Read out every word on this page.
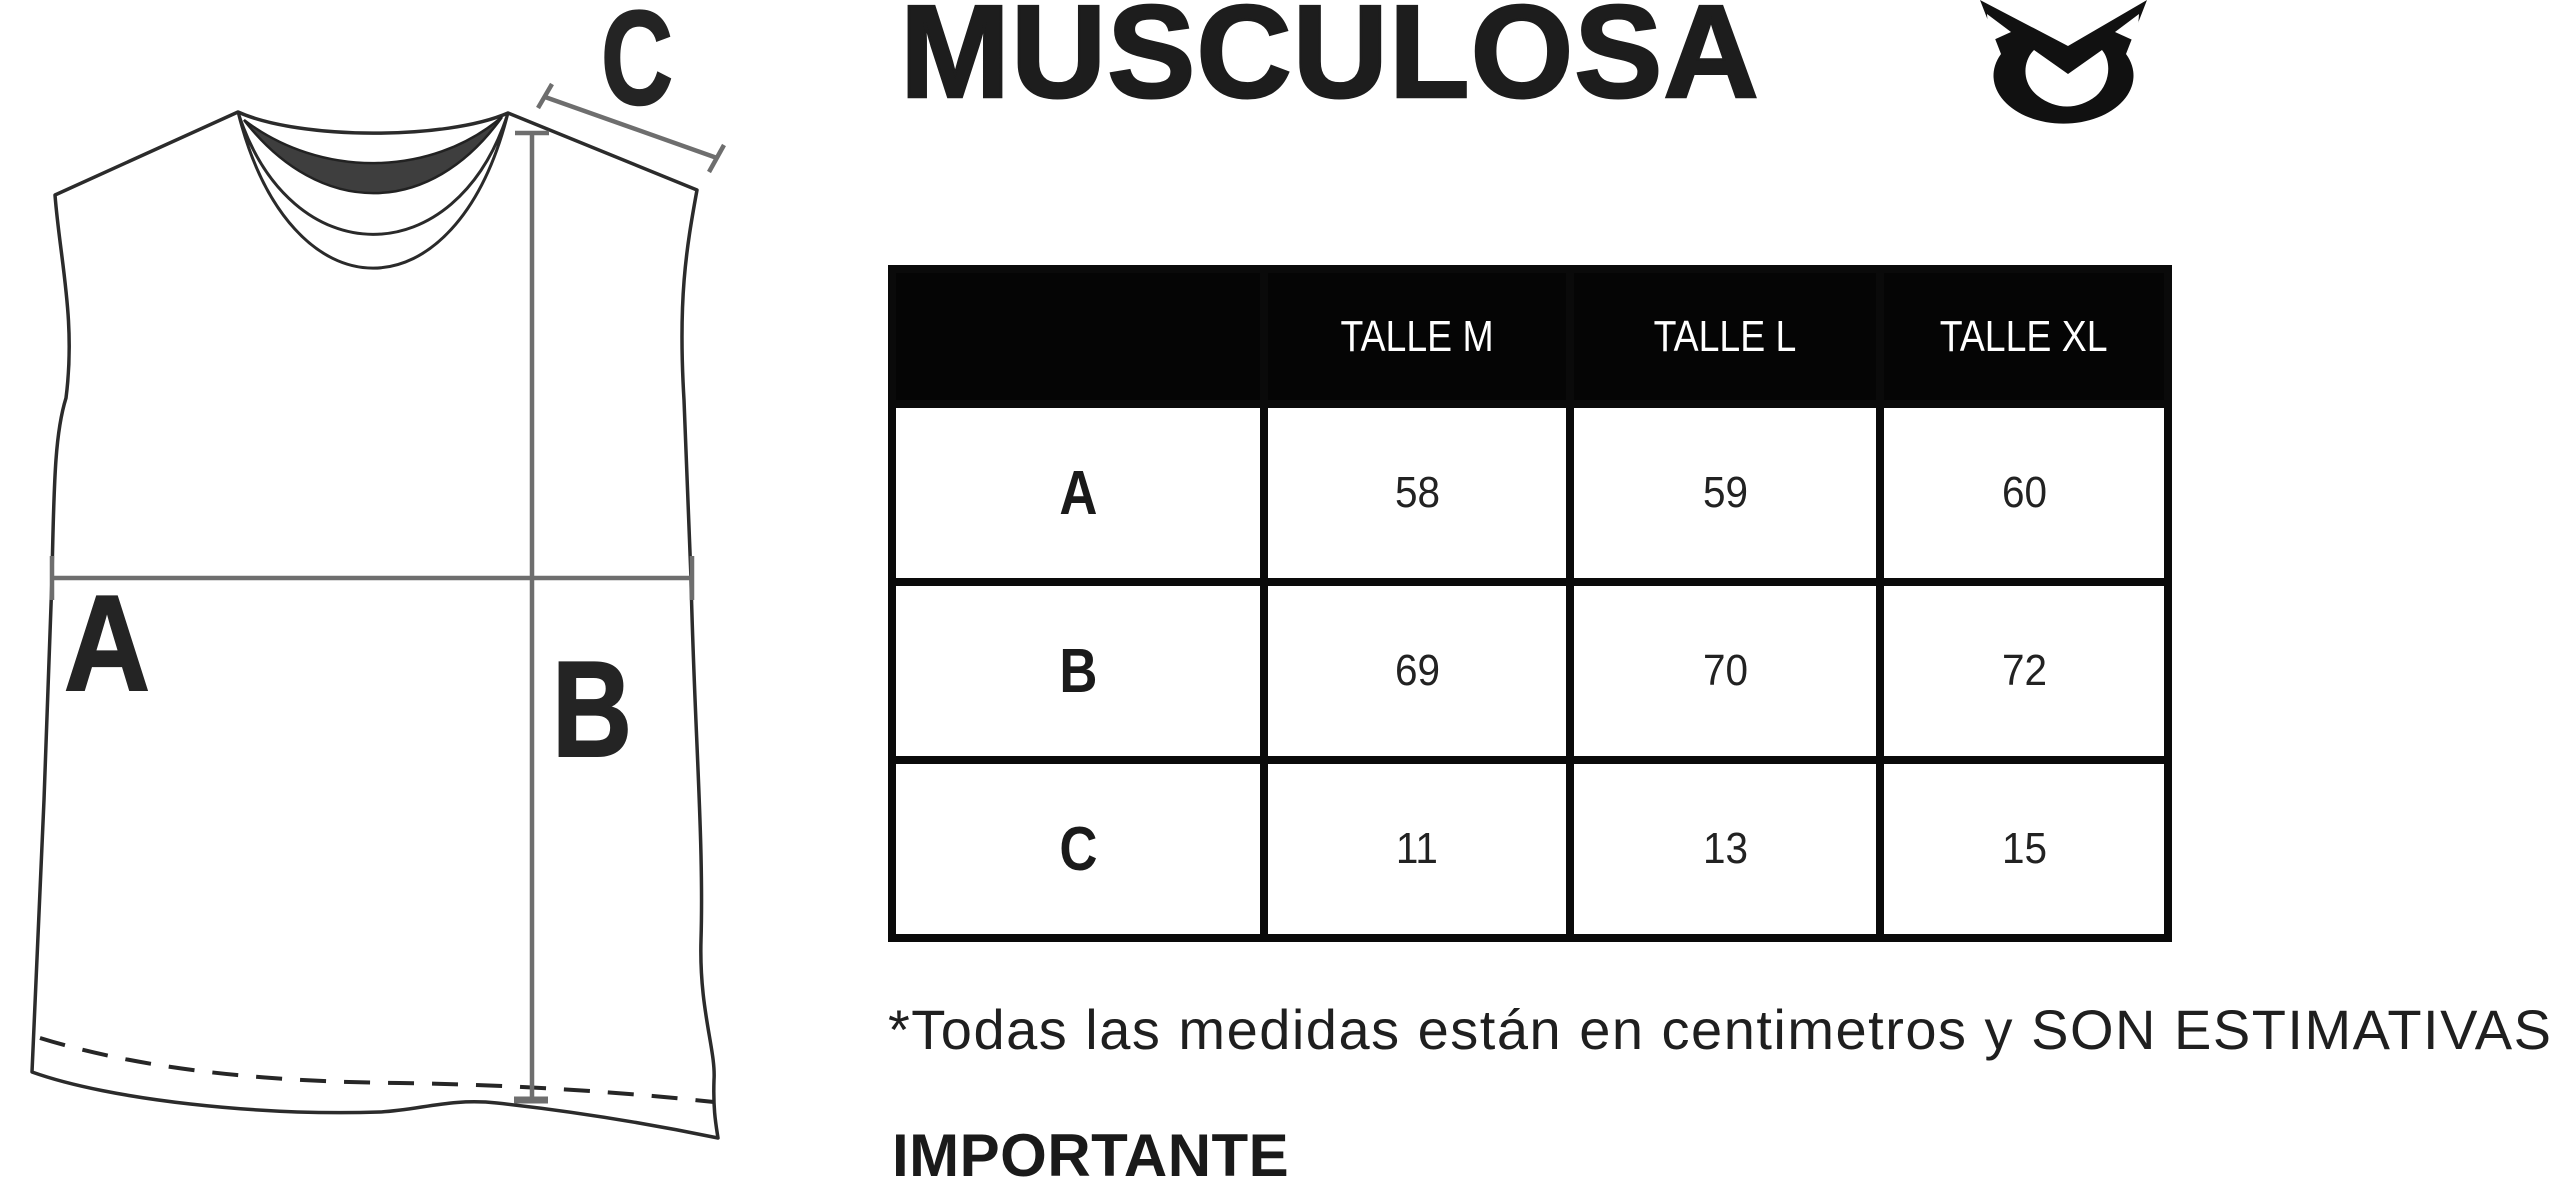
A	B
C MUSCULOSA
	TALLE M	TALLE L	TALLE XL
A	58	59	60
B	69	70	72
C	11	13	15

*Todas las medidas están en centimetros y SON ESTIMATIVAS

IMPORTANTE
